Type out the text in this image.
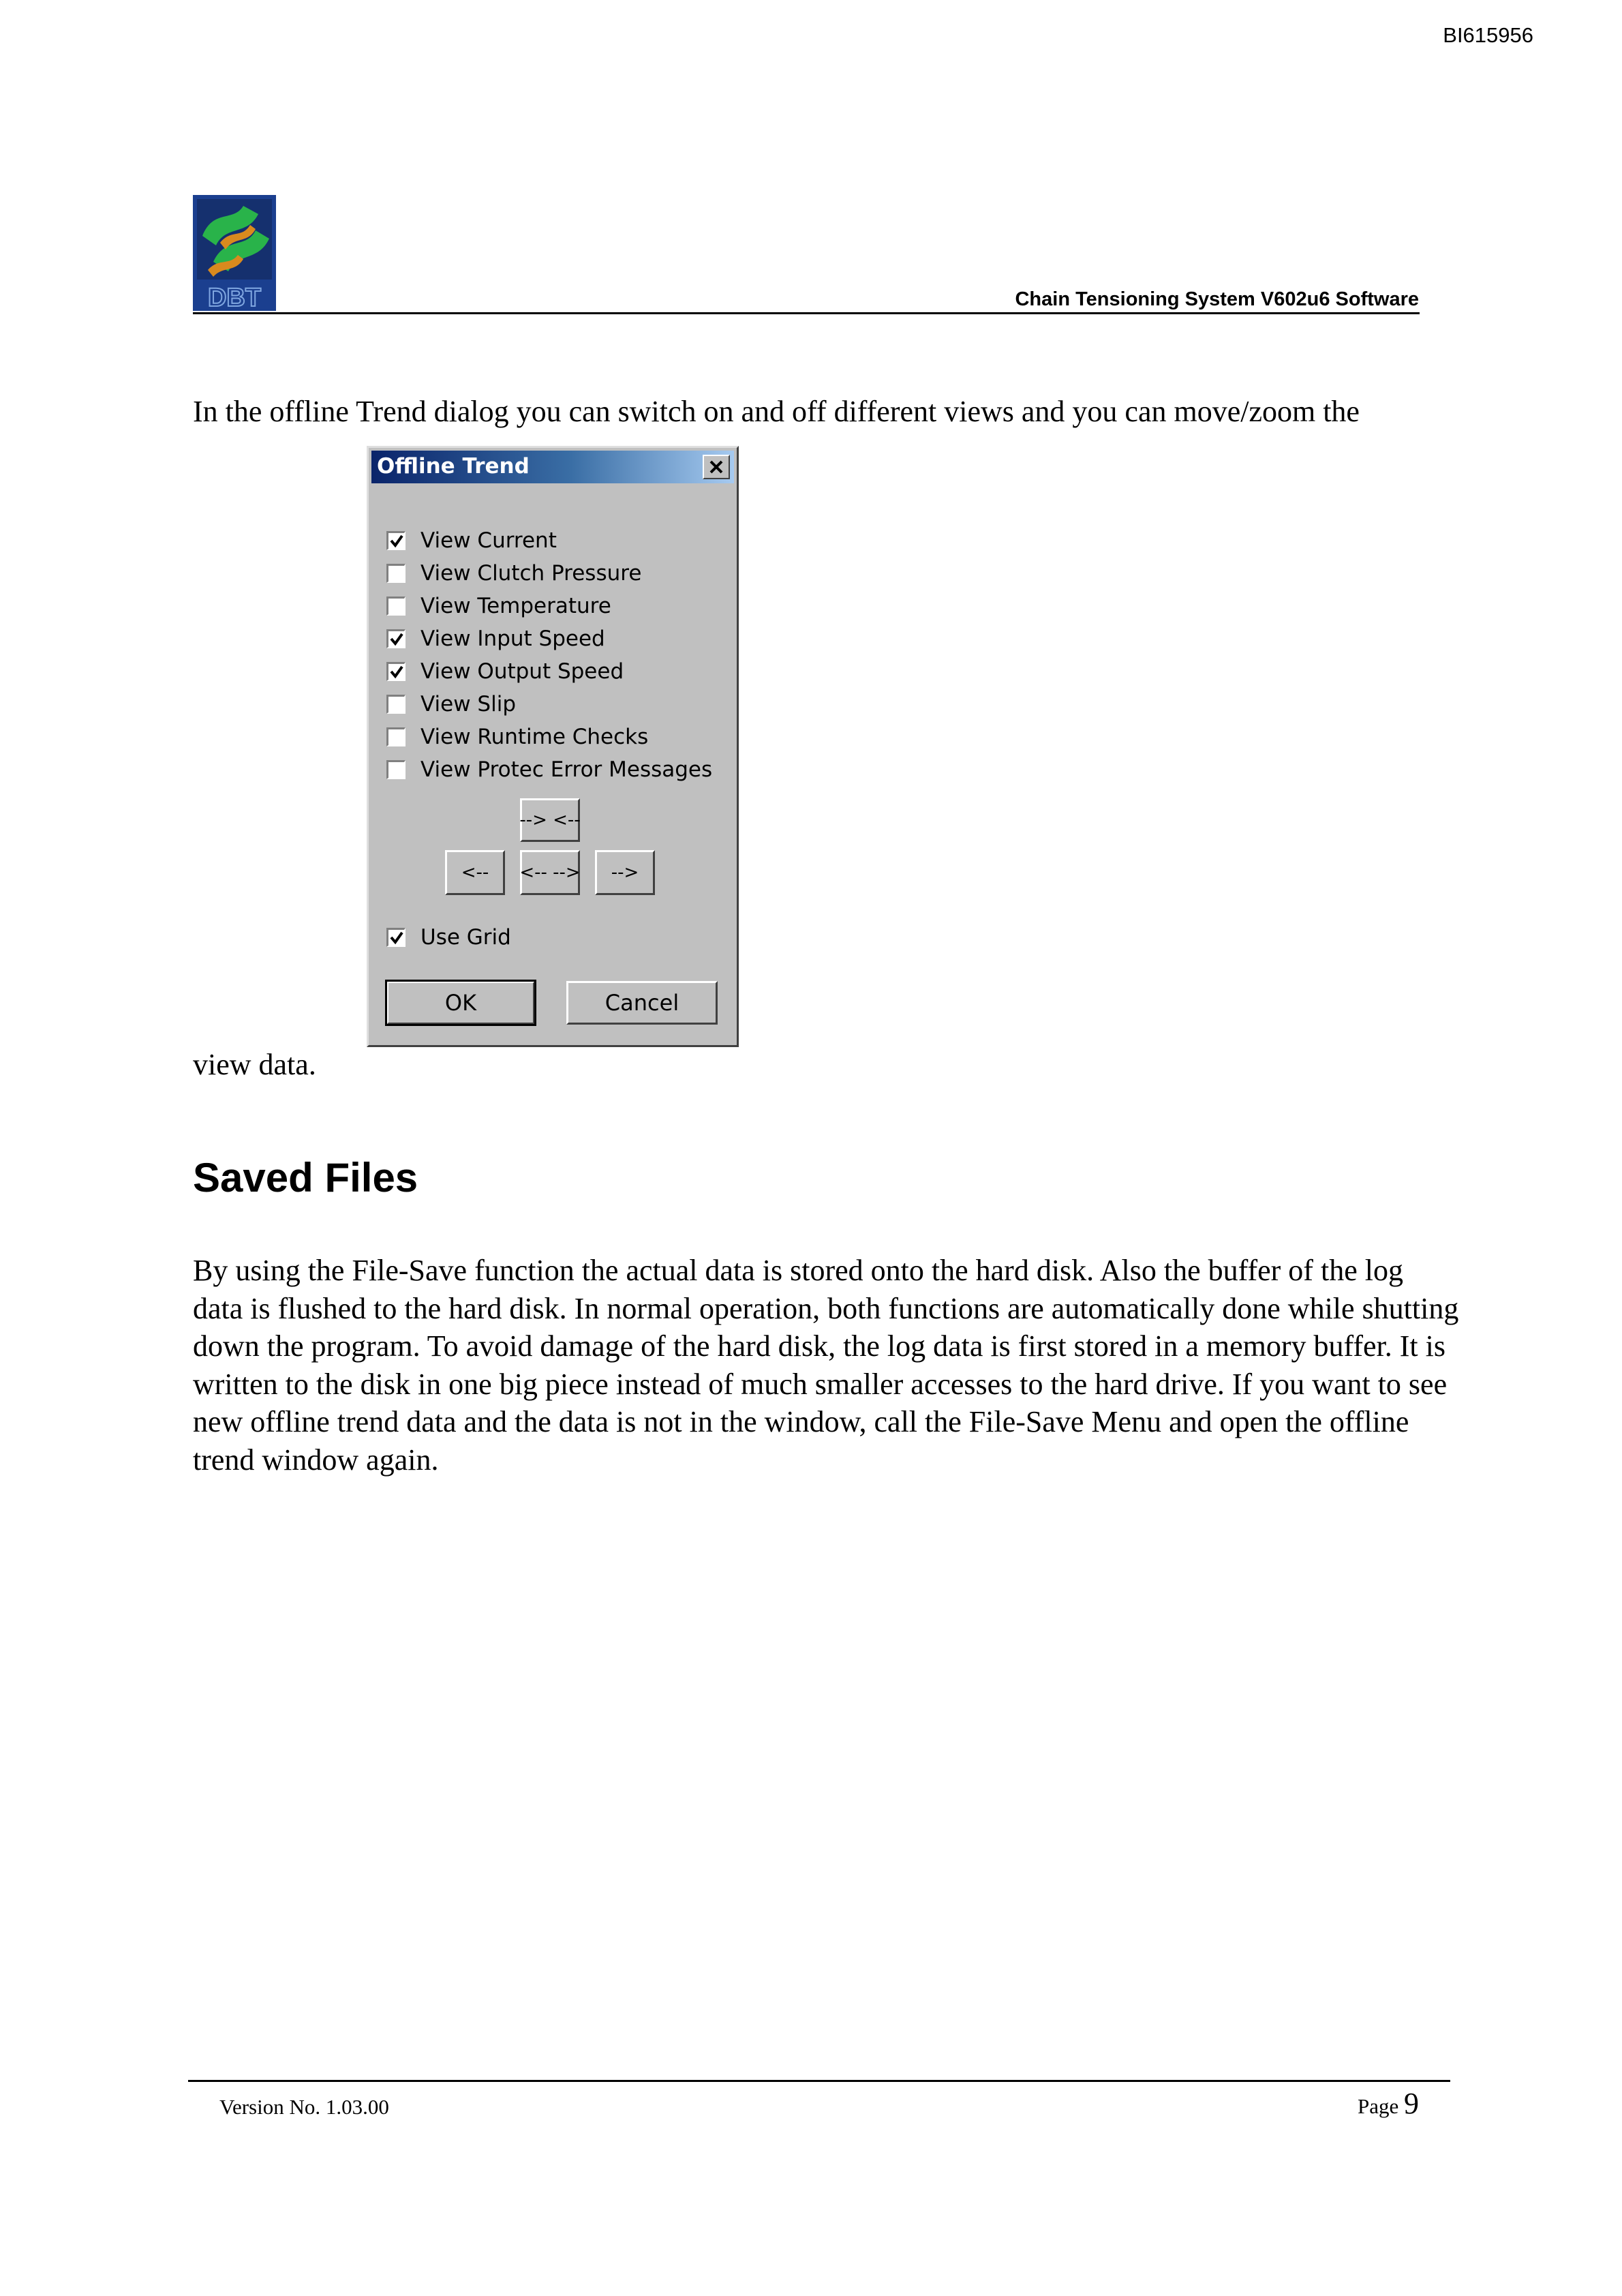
BI615956
DBT	Chain Tensioning System V602u6 Software
In the offline Trend dialog you can switch on and off different views and you can move/zoom the
Offline Trend
View Current
View Clutch Pressure
View Temperature
View Input Speed
View Output Speed
View Slip
View Runtime Checks
View Protec Error Messages
--> <--
<--	<-- -->	-->
Use Grid
OK	Cancel
view data.
Saved Files
By using the File-Save function the actual data is stored onto the hard disk. Also the buffer of the log data is flushed to the hard disk. In normal operation, both functions are automatically done while shutting down the program. To avoid damage of the hard disk, the log data is first stored in a memory buffer. It is written to the disk in one big piece instead of much smaller accesses to the hard drive. If you want to see new offline trend data and the data is not in the window, call the File-Save Menu and open the offline trend window again.
Version No. 1.03.00	Page 9
